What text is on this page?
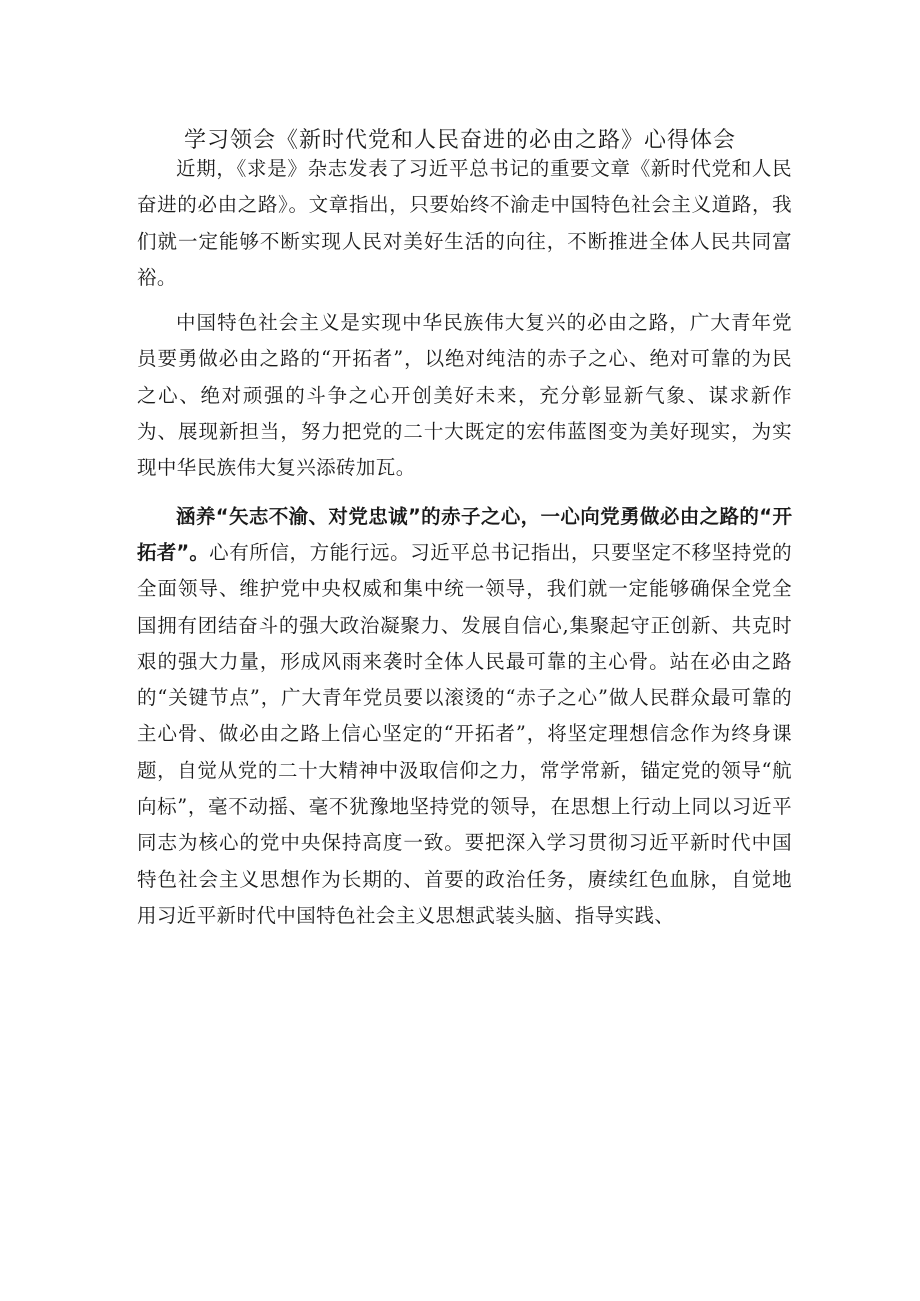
学习领会《新时代党和人民奋进的必由之路》心得体会

近期，《求是》杂志发表了习近平总书记的重要文章《新时代党和人民奋进的必由之路》。文章指出，只要始终不渝走中国特色社会主义道路，我们就一定能够不断实现人民对美好生活的向往，不断推进全体人民共同富裕。

中国特色社会主义是实现中华民族伟大复兴的必由之路，广大青年党员要勇做必由之路的“开拓者”，以绝对纯洁的赤子之心、绝对可靠的为民之心、绝对顽强的斗争之心开创美好未来，充分彰显新气象、谋求新作为、展现新担当，努力把党的二十大既定的宏伟蓝图变为美好现实，为实现中华民族伟大复兴添砖加瓦。

涵养“矢志不渝、对党忠诚”的赤子之心，一心向党勇做必由之路的“开拓者”。心有所信，方能行远。习近平总书记指出，只要坚定不移坚持党的全面领导、维护党中央权威和集中统一领导，我们就一定能够确保全党全国拥有团结奋斗的强大政治凝聚力、发展自信心,集聚起守正创新、共克时艰的强大力量，形成风雨来袭时全体人民最可靠的主心骨。站在必由之路的“关键节点”，广大青年党员要以滚烫的“赤子之心”做人民群众最可靠的主心骨、做必由之路上信心坚定的“开拓者”，将坚定理想信念作为终身课题，自觉从党的二十大精神中汲取信仰之力，常学常新，锚定党的领导“航向标”，毫不动摇、毫不犹豫地坚持党的领导，在思想上行动上同以习近平同志为核心的党中央保持高度一致。要把深入学习贯彻习近平新时代中国特色社会主义思想作为长期的、首要的政治任务，赓续红色血脉，自觉地用习近平新时代中国特色社会主义思想武装头脑、指导实践、
